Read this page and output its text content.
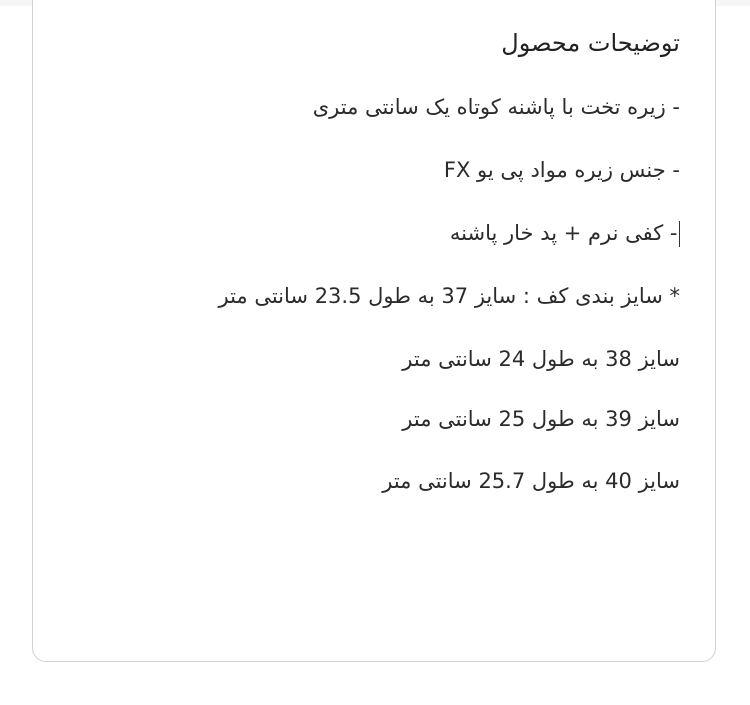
توضیحات محصول
- زیره تخت با پاشنه کوتاه یک سانتی متری
- جنس زیره مواد پی یو FX
- کفی نرم + پد خار پاشنه
* سایز بندی کف : سایز 37 به طول 23.5 سانتی متر
سایز 38 به طول 24 سانتی متر
سایز 39 به طول 25 سانتی متر
سایز 40 به طول 25.7 سانتی متر
